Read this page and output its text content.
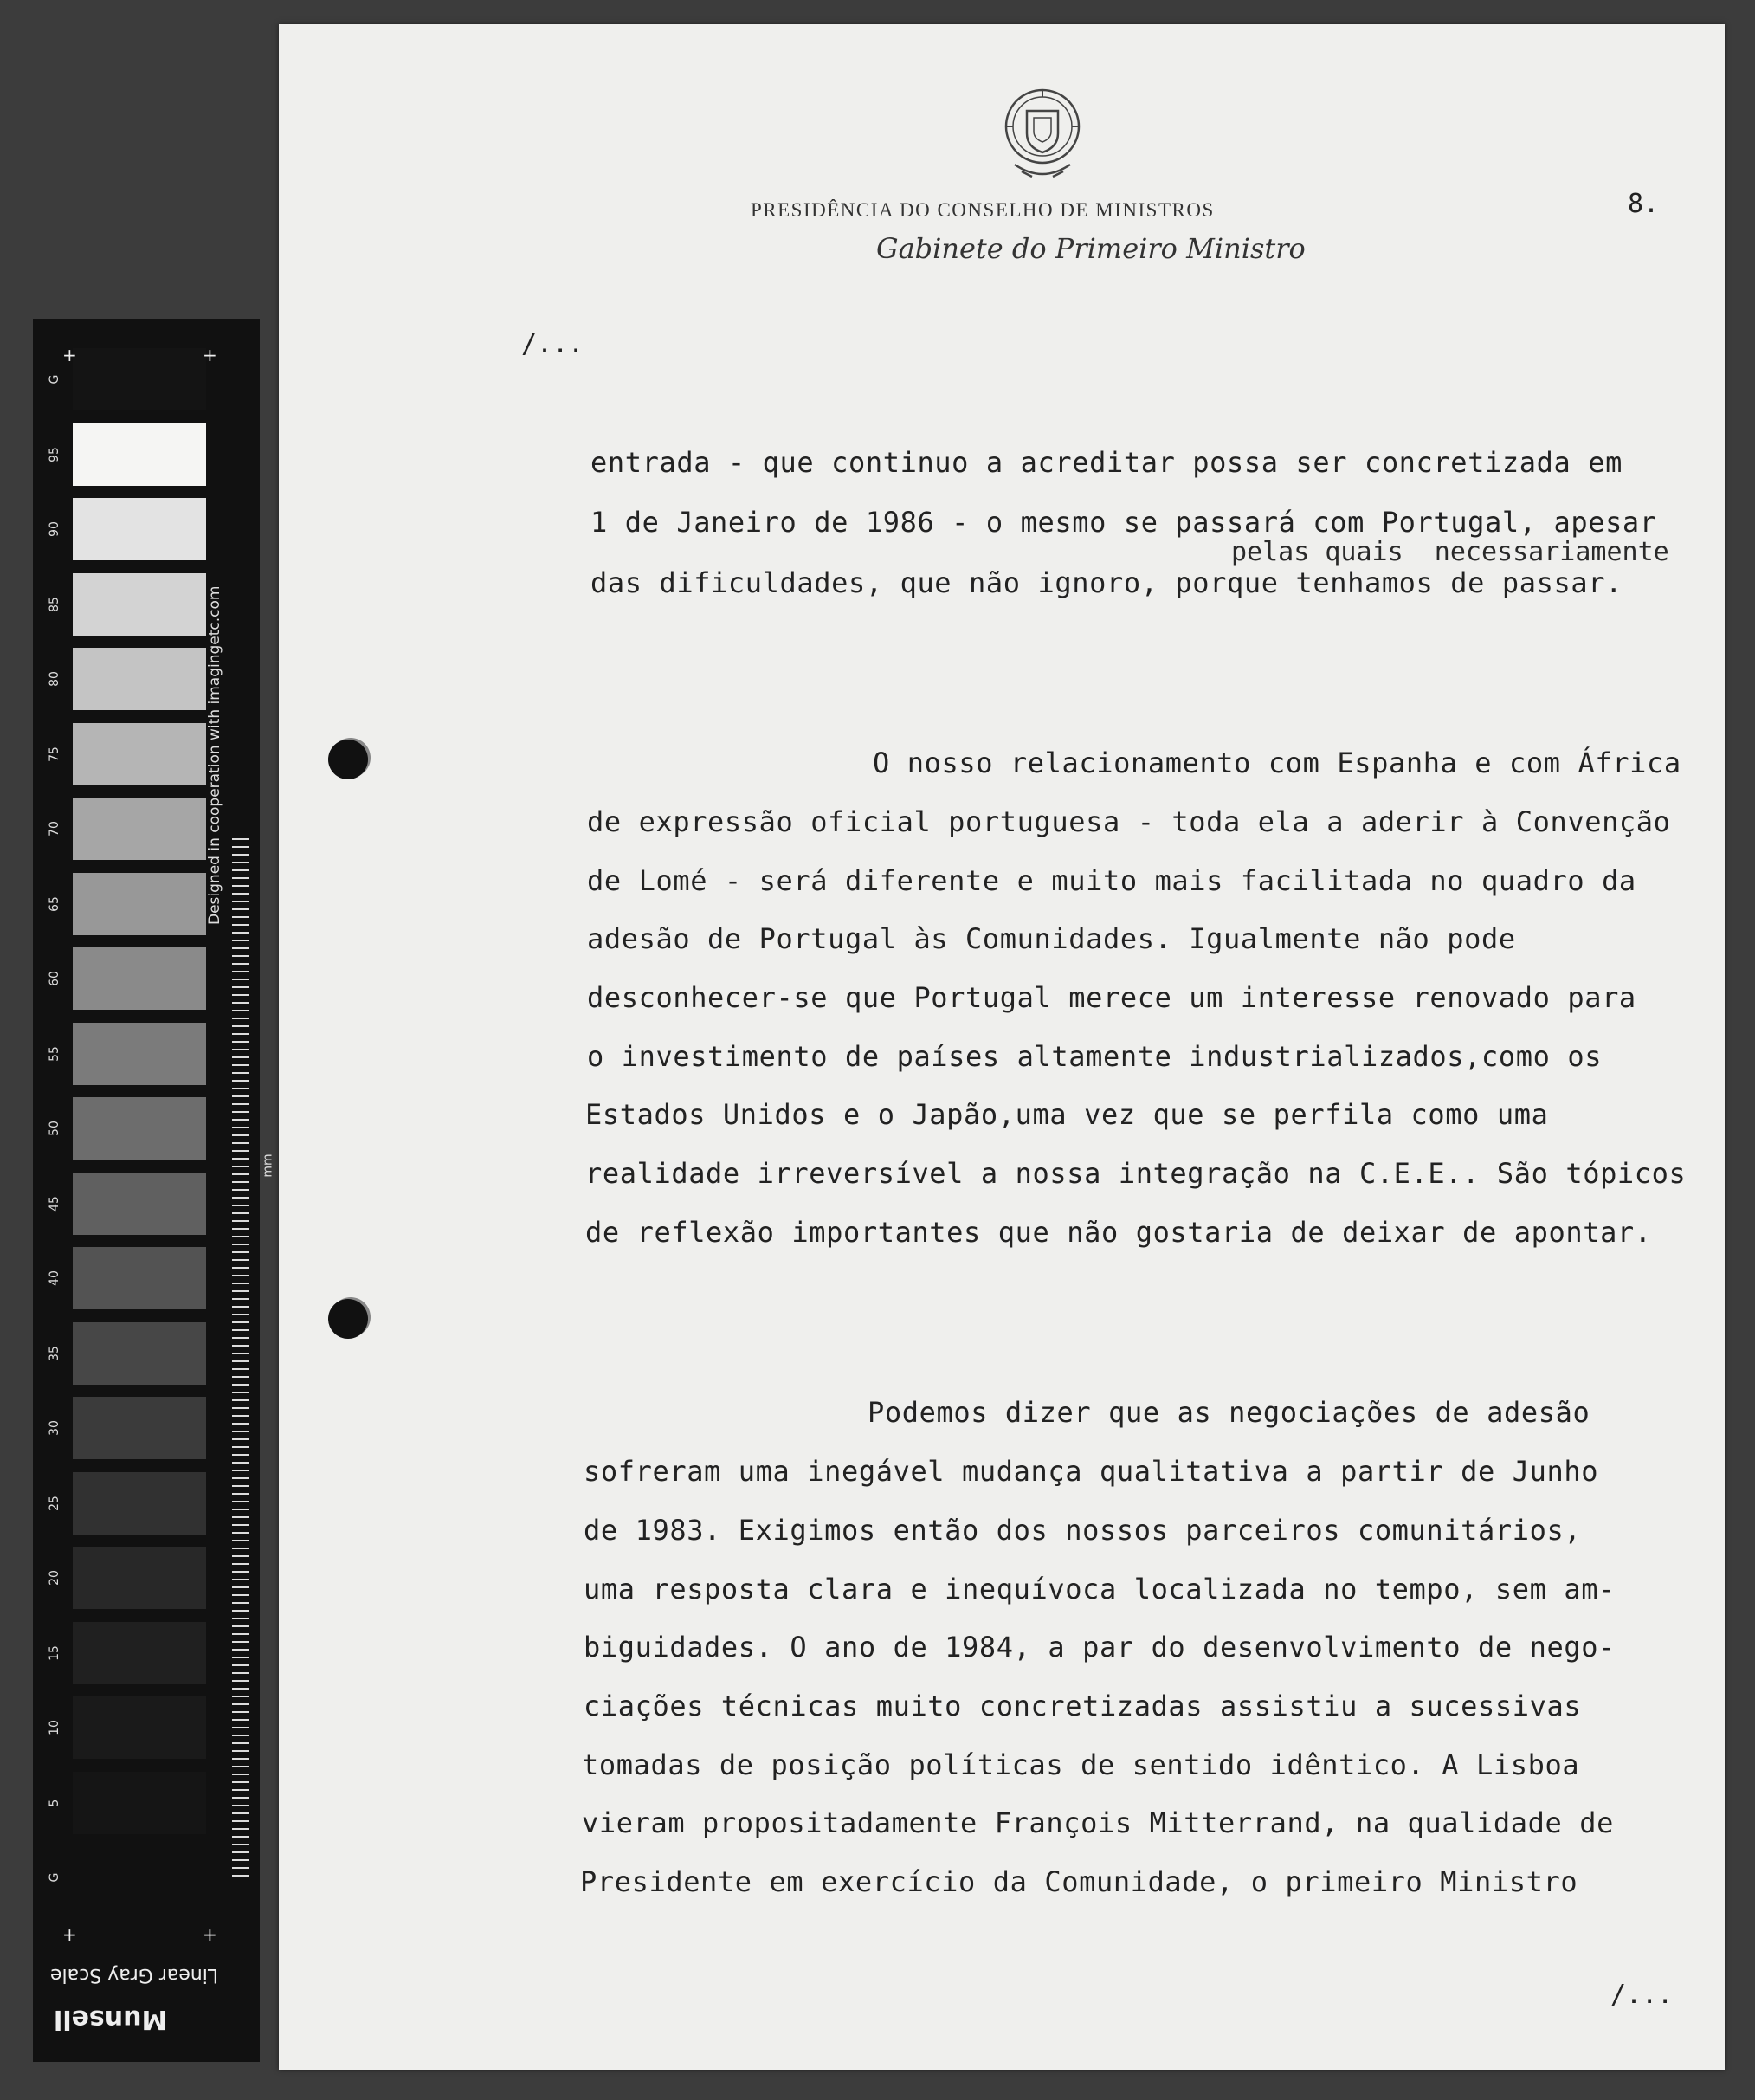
G
95
90
85
80
75
70
65
60
55
50
45
40
35
30
25
20
15
10
5
G
+	+
+	+
Designed in cooperation with imagingetc.com
mm
Linear Gray Scale
Munsell
PRESIDÊNCIA DO CONSELHO DE MINISTROS
Gabinete do Primeiro Ministro
8.
/...
entrada - que continuo a acreditar possa ser concretizada em
1 de Janeiro de 1986 - o mesmo se passará com Portugal, apesar
pelas quais  necessariamente
das dificuldades, que não ignoro, porque tenhamos de passar.
O nosso relacionamento com Espanha e com África
de expressão oficial portuguesa - toda ela a aderir à Convenção
de Lomé - será diferente e muito mais facilitada no quadro da
adesão de Portugal às Comunidades. Igualmente não pode
desconhecer-se que Portugal merece um interesse renovado para
o investimento de países altamente industrializados,como os
Estados Unidos e o Japão,uma vez que se perfila como uma
realidade irreversível a nossa integração na C.E.E.. São tópicos
de reflexão importantes que não gostaria de deixar de apontar.
Podemos dizer que as negociações de adesão
sofreram uma inegável mudança qualitativa a partir de Junho
de 1983. Exigimos então dos nossos parceiros comunitários,
uma resposta clara e inequívoca localizada no tempo, sem am-
biguidades. O ano de 1984, a par do desenvolvimento de nego-
ciações técnicas muito concretizadas assistiu a sucessivas
tomadas de posição políticas de sentido idêntico. A Lisboa
vieram propositadamente François Mitterrand, na qualidade de
Presidente em exercício da Comunidade, o primeiro Ministro
/...
